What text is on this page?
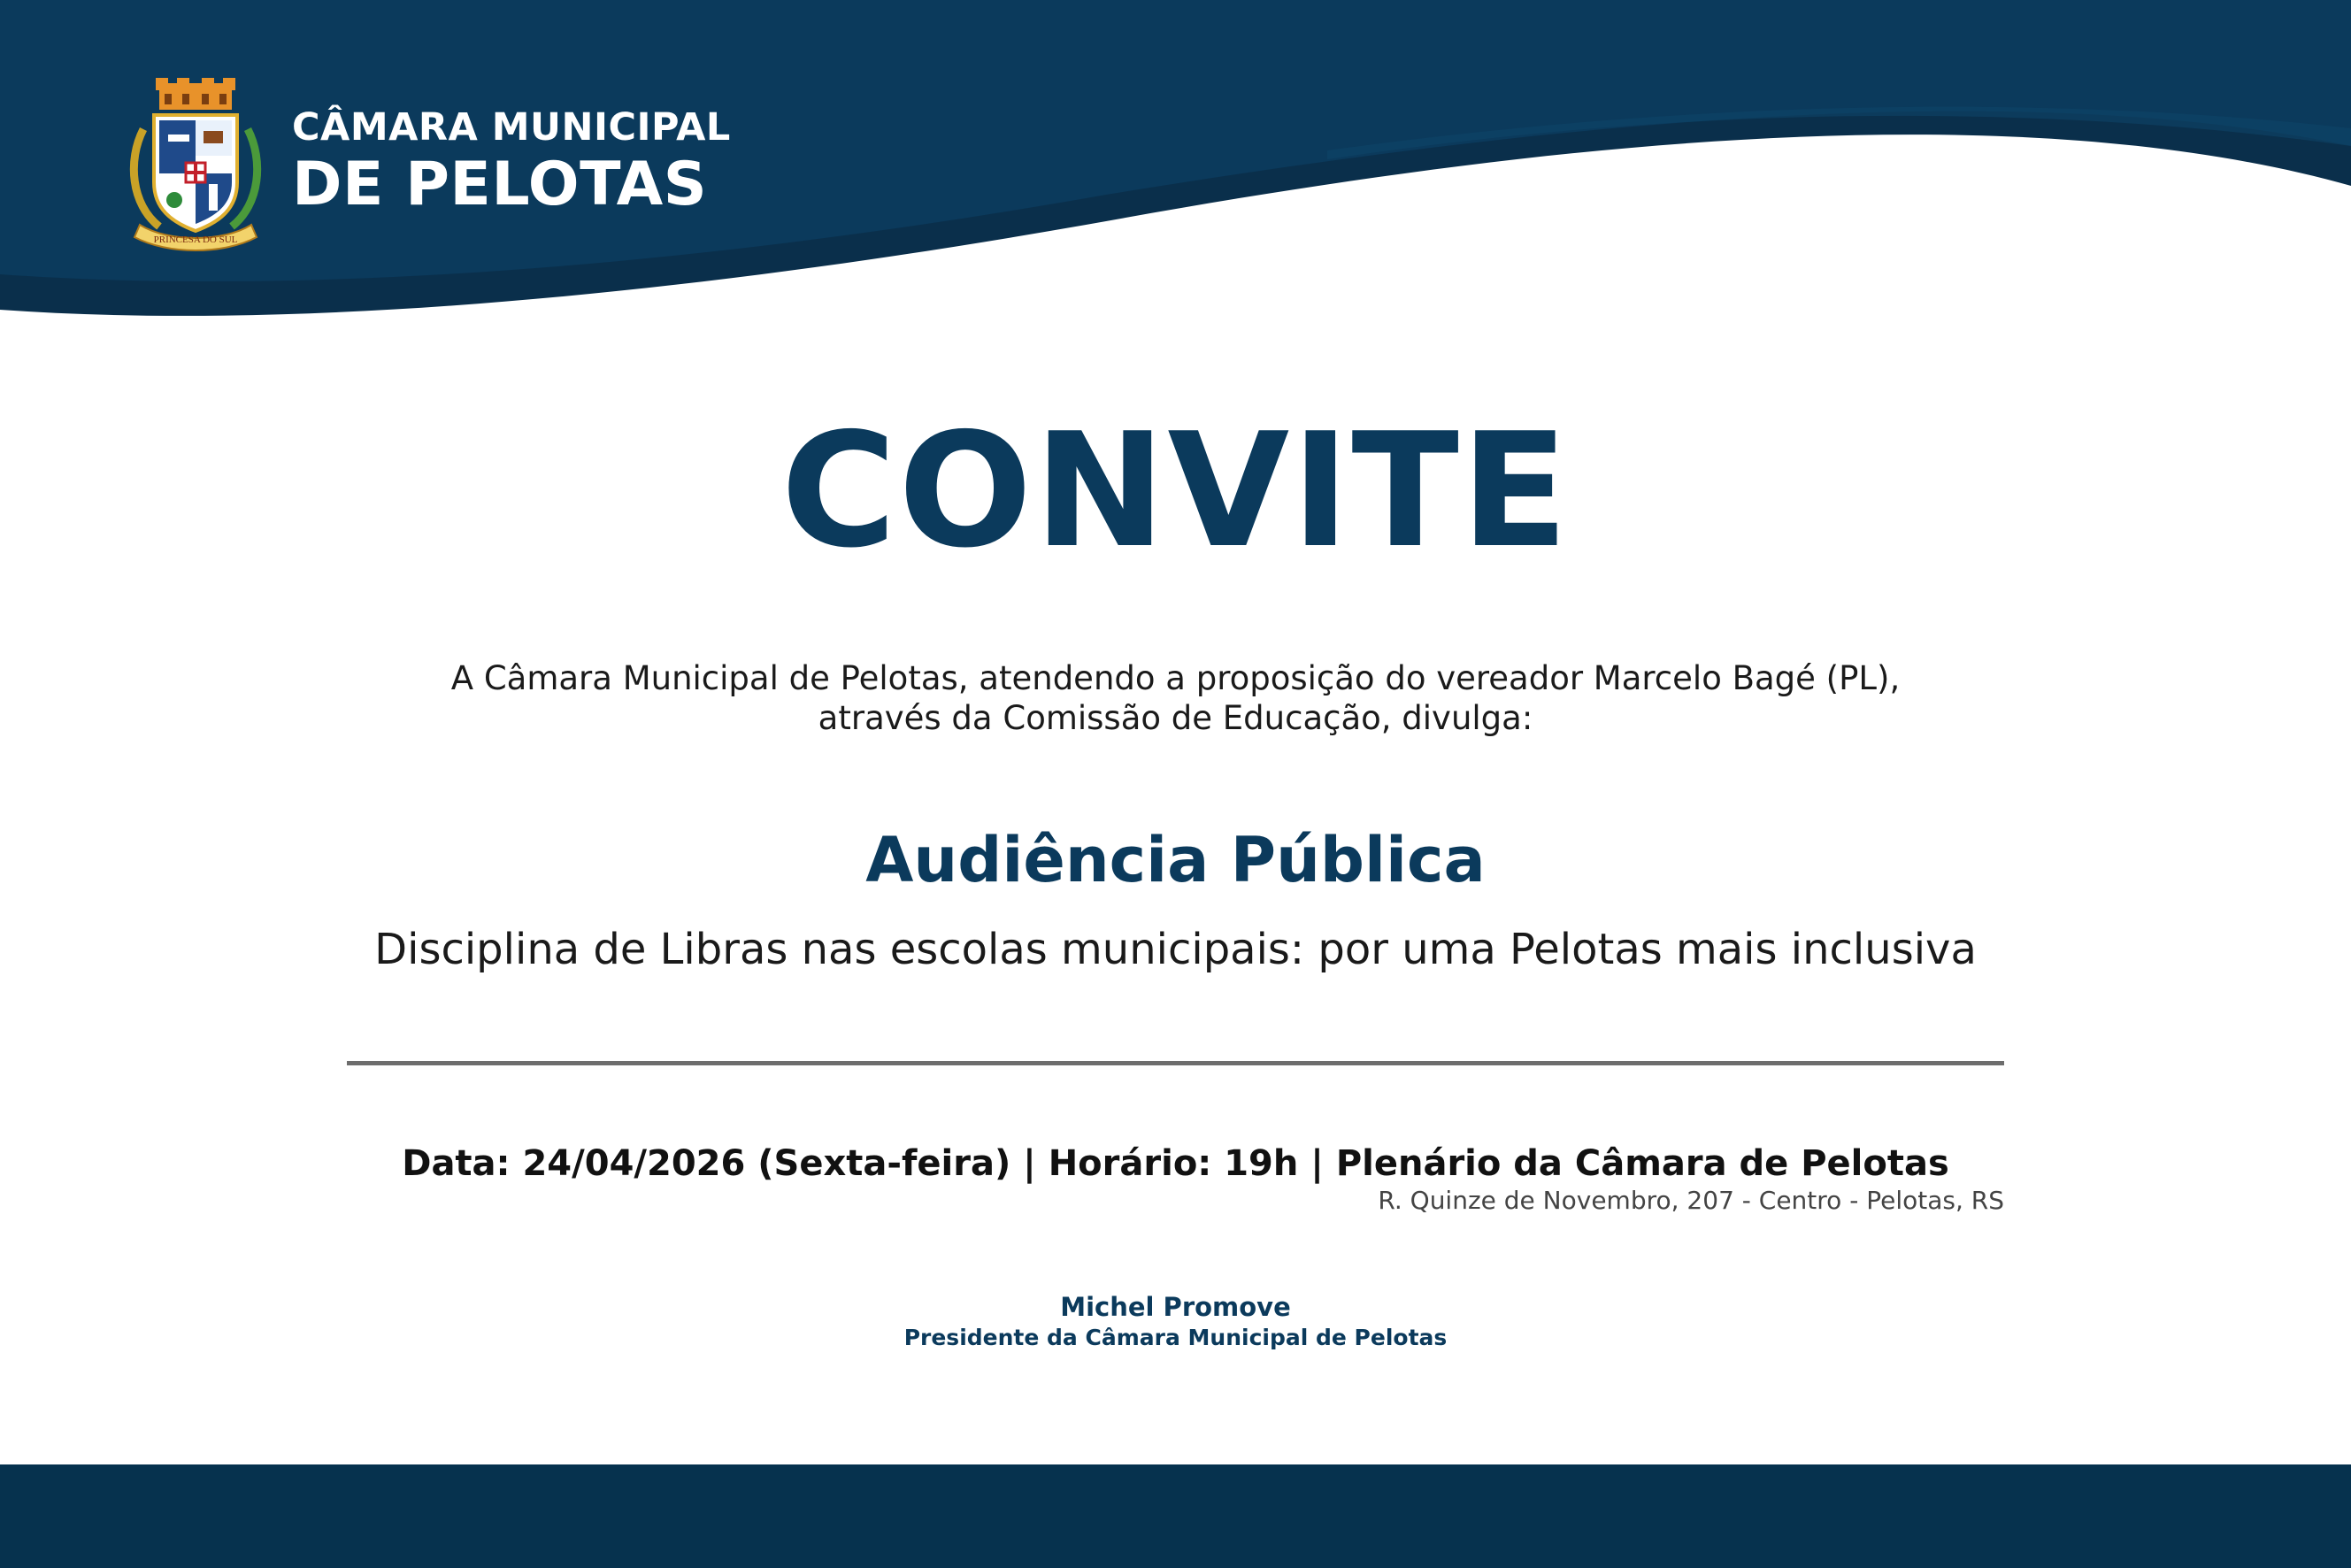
PRINCESA DO SUL
CÂMARA MUNICIPAL
DE PELOTAS
CONVITE
A Câmara Municipal de Pelotas, atendendo a proposição do vereador Marcelo Bagé (PL),
através da Comissão de Educação, divulga:
Audiência Pública
Disciplina de Libras nas escolas municipais: por uma Pelotas mais inclusiva
Data: 24/04/2026 (Sexta-feira) | Horário: 19h | Plenário da Câmara de Pelotas
R. Quinze de Novembro, 207 - Centro - Pelotas, RS
Michel Promove
Presidente da Câmara Municipal de Pelotas
